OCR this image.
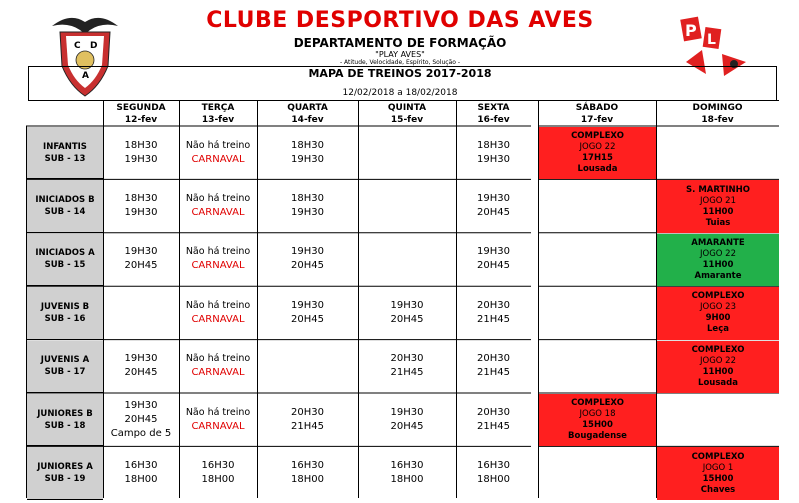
C D
A
P L
CLUBE DESPORTIVO DAS AVES
DEPARTAMENTO DE FORMAÇÃO
"PLAY AVES"
- Atitude, Velocidade, Espírito, Solução -
MAPA DE TREINOS 2017-2018
12/02/2018 a 18/02/2018
SEGUNDA
12-fev
TERÇA
13-fev
QUARTA
14-fev
QUINTA
15-fev
SEXTA
16-fev
SÁBADO
17-fev
DOMINGO
18-fev
INFANTIS
SUB - 13
18H30
19H30
Não há treino
CARNAVAL
18H30
19H30
18H30
19H30
COMPLEXO
JOGO 22
17H15
Lousada
INICIADOS B
SUB - 14
18H30
19H30
Não há treino
CARNAVAL
18H30
19H30
19H30
20H45
S. MARTINHO
JOGO 21
11H00
Tuias
INICIADOS A
SUB - 15
19H30
20H45
Não há treino
CARNAVAL
19H30
20H45
19H30
20H45
AMARANTE
JOGO 22
11H00
Amarante
JUVENIS B
SUB - 16
Não há treino
CARNAVAL
19H30
20H45
19H30
20H45
20H30
21H45
COMPLEXO
JOGO 23
9H00
Leça
JUVENIS A
SUB - 17
19H30
20H45
Não há treino
CARNAVAL
20H30
21H45
20H30
21H45
COMPLEXO
JOGO 22
11H00
Lousada
JUNIORES B
SUB - 18
19H30
20H45
Campo de 5
Não há treino
CARNAVAL
20H30
21H45
19H30
20H45
20H30
21H45
COMPLEXO
JOGO 18
15H00
Bougadense
JUNIORES A
SUB - 19
16H30
18H00
16H30
18H00
16H30
18H00
16H30
18H00
16H30
18H00
COMPLEXO
JOGO 1
15H00
Chaves
